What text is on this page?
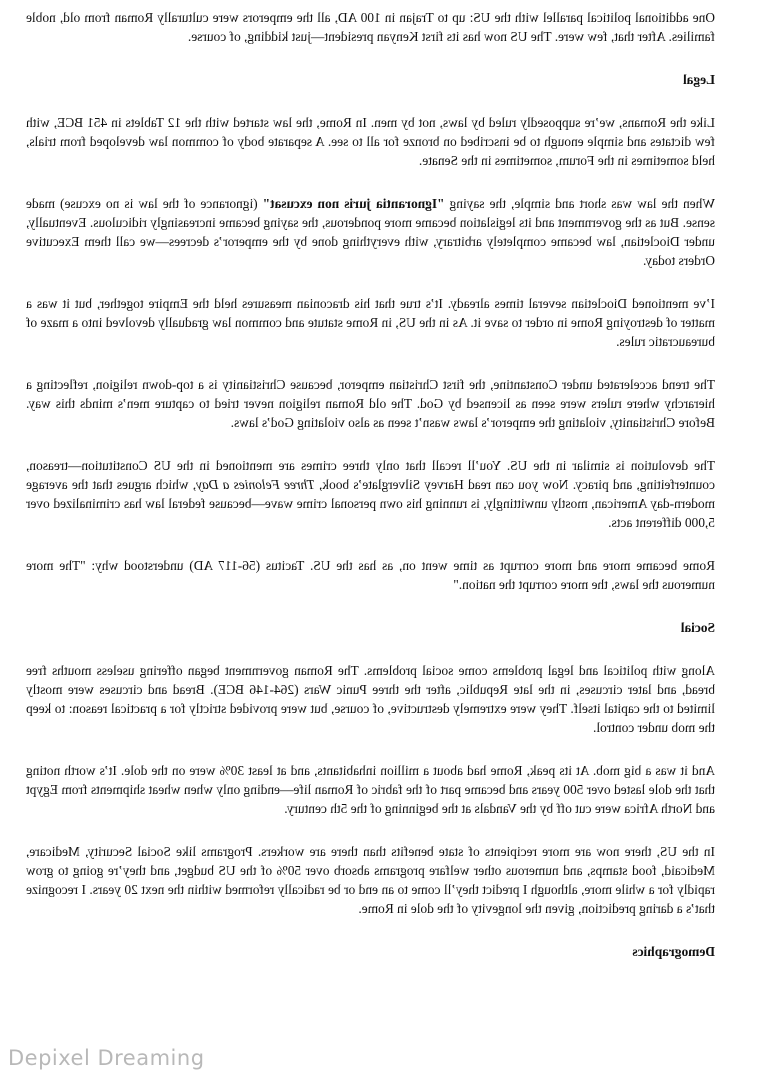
One additional political parallel with the US: up to Trajan in 100 AD, all the emperors were culturally Roman from old, noble families. After that, few were. The US now has its first Kenyan president—just kidding, of course.

Legal

Like the Romans, we’re supposedly ruled by laws, not by men. In Rome, the law started with the 12 Tablets in 451 BCE, with few dictates and simple enough to be inscribed on bronze for all to see. A separate body of common law developed from trials, held sometimes in the Forum, sometimes in the Senate.

When the law was short and simple, the saying "Ignorantia juris non excusat" (ignorance of the law is no excuse) made sense. But as the government and its legislation became more ponderous, the saying became increasingly ridiculous. Eventually, under Diocletian, law became completely arbitrary, with everything done by the emperor’s decrees—we call them Executive Orders today.

I’ve mentioned Diocletian several times already. It’s true that his draconian measures held the Empire together, but it was a matter of destroying Rome in order to save it. As in the US, in Rome statute and common law gradually devolved into a maze of bureaucratic rules.

The trend accelerated under Constantine, the first Christian emperor, because Christianity is a top-down religion, reflecting a hierarchy where rulers were seen as licensed by God. The old Roman religion never tried to capture men’s minds this way. Before Christianity, violating the emperor’s laws wasn’t seen as also violating God’s laws.

The devolution is similar in the US. You’ll recall that only three crimes are mentioned in the US Constitution—treason, counterfeiting, and piracy. Now you can read Harvey Silverglate’s book, Three Felonies a Day, which argues that the average modern-day American, mostly unwittingly, is running his own personal crime wave—because federal law has criminalized over 5,000 different acts.

Rome became more and more corrupt as time went on, as has the US. Tacitus (56-117 AD) understood why: "The more numerous the laws, the more corrupt the nation."

Social

Along with political and legal problems come social problems. The Roman government began offering useless mouths free bread, and later circuses, in the late Republic, after the three Punic Wars (264-146 BCE). Bread and circuses were mostly limited to the capital itself. They were extremely destructive, of course, but were provided strictly for a practical reason: to keep the mob under control.

And it was a big mob. At its peak, Rome had about a million inhabitants, and at least 30% were on the dole. It’s worth noting that the dole lasted over 500 years and became part of the fabric of Roman life—ending only when wheat shipments from Egypt and North Africa were cut off by the Vandals at the beginning of the 5th century.

In the US, there now are more recipients of state benefits than there are workers. Programs like Social Security, Medicare, Medicaid, food stamps, and numerous other welfare programs absorb over 50% of the US budget, and they’re going to grow rapidly for a while more, although I predict they’ll come to an end or be radically reformed within the next 20 years. I recognize that’s a daring prediction, given the longevity of the dole in Rome.

Demographics
Depixel Dreaming
